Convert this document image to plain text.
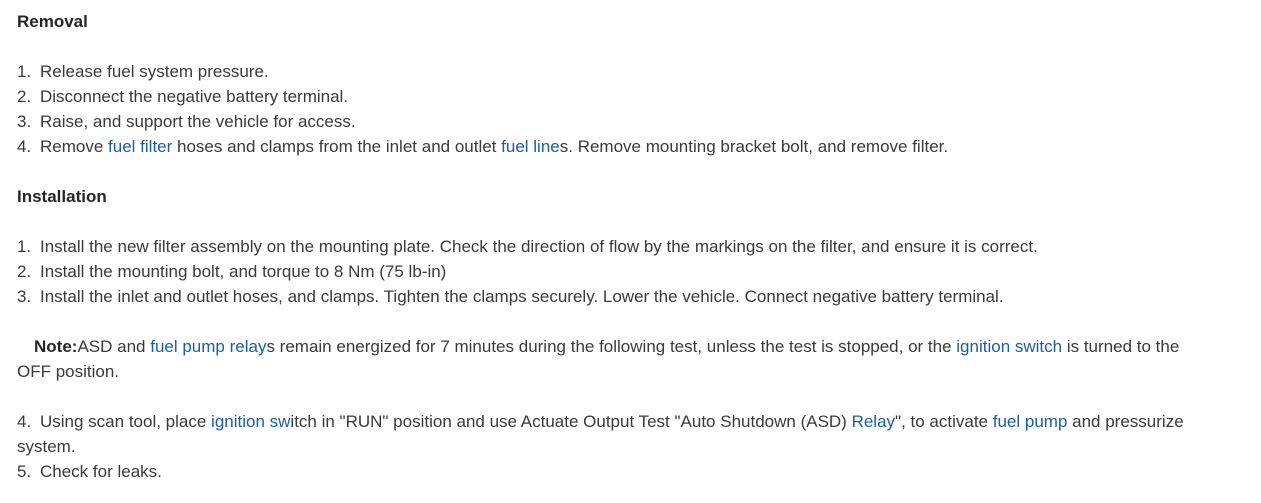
Removal
1. Release fuel system pressure.
2. Disconnect the negative battery terminal.
3. Raise, and support the vehicle for access.
4. Remove fuel filter hoses and clamps from the inlet and outlet fuel lines. Remove mounting bracket bolt, and remove filter.
Installation
1. Install the new filter assembly on the mounting plate. Check the direction of flow by the markings on the filter, and ensure it is correct.
2. Install the mounting bolt, and torque to 8 Nm (75 lb-in)
3. Install the inlet and outlet hoses, and clamps. Tighten the clamps securely. Lower the vehicle. Connect negative battery terminal.
Note:ASD and fuel pump relays remain energized for 7 minutes during the following test, unless the test is stopped, or the ignition switch is turned to the
OFF position.
4. Using scan tool, place ignition switch in "RUN" position and use Actuate Output Test "Auto Shutdown (ASD) Relay", to activate fuel pump and pressurize
system.
5. Check for leaks.
